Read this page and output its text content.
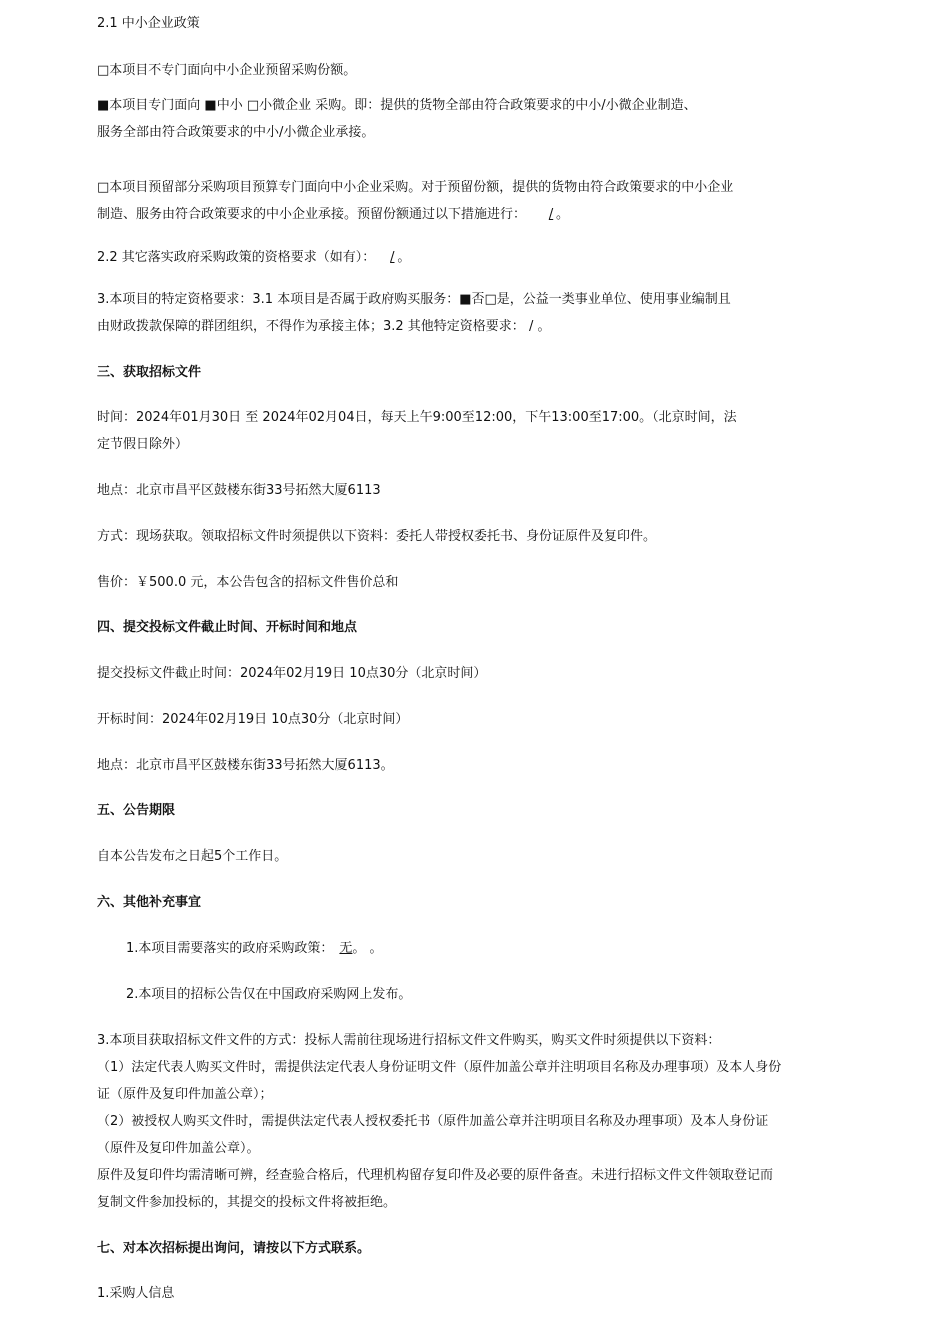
2.1 中小企业政策
□本项目不专门面向中小企业预留采购份额。
■本项目专门面向 ■中小 □小微企业 采购。即：提供的货物全部由符合政策要求的中小/小微企业制造、
服务全部由符合政策要求的中小/小微企业承接。
□本项目预留部分采购项目预算专门面向中小企业采购。对于预留份额，提供的货物由符合政策要求的中小企业
制造、服务由符合政策要求的中小企业承接。预留份额通过以下措施进行： / 。
2.2 其它落实政府采购政策的资格要求（如有）： / 。
3.本项目的特定资格要求：3.1 本项目是否属于政府购买服务：■否□是，公益一类事业单位、使用事业编制且
由财政拨款保障的群团组织，不得作为承接主体；3.2 其他特定资格要求： / 。
三、获取招标文件
时间：2024年01月30日 至 2024年02月04日，每天上午9:00至12:00，下午13:00至17:00。（北京时间，法
定节假日除外）
地点：北京市昌平区鼓楼东街33号拓然大厦6113
方式：现场获取。领取招标文件时须提供以下资料：委托人带授权委托书、身份证原件及复印件。
售价：￥500.0 元，本公告包含的招标文件售价总和
四、提交投标文件截止时间、开标时间和地点
提交投标文件截止时间：2024年02月19日 10点30分（北京时间）
开标时间：2024年02月19日 10点30分（北京时间）
地点：北京市昌平区鼓楼东街33号拓然大厦6113。
五、公告期限
自本公告发布之日起5个工作日。
六、其他补充事宜
1.本项目需要落实的政府采购政策： 无。 。
2.本项目的招标公告仅在中国政府采购网上发布。
3.本项目获取招标文件文件的方式：投标人需前往现场进行招标文件文件购买，购买文件时须提供以下资料：
（1）法定代表人购买文件时，需提供法定代表人身份证明文件（原件加盖公章并注明项目名称及办理事项）及本人身份
证（原件及复印件加盖公章）；
（2）被授权人购买文件时，需提供法定代表人授权委托书（原件加盖公章并注明项目名称及办理事项）及本人身份证
（原件及复印件加盖公章）。
原件及复印件均需清晰可辨，经查验合格后，代理机构留存复印件及必要的原件备查。未进行招标文件文件领取登记而
复制文件参加投标的，其提交的投标文件将被拒绝。
七、对本次招标提出询问，请按以下方式联系。
1.采购人信息
